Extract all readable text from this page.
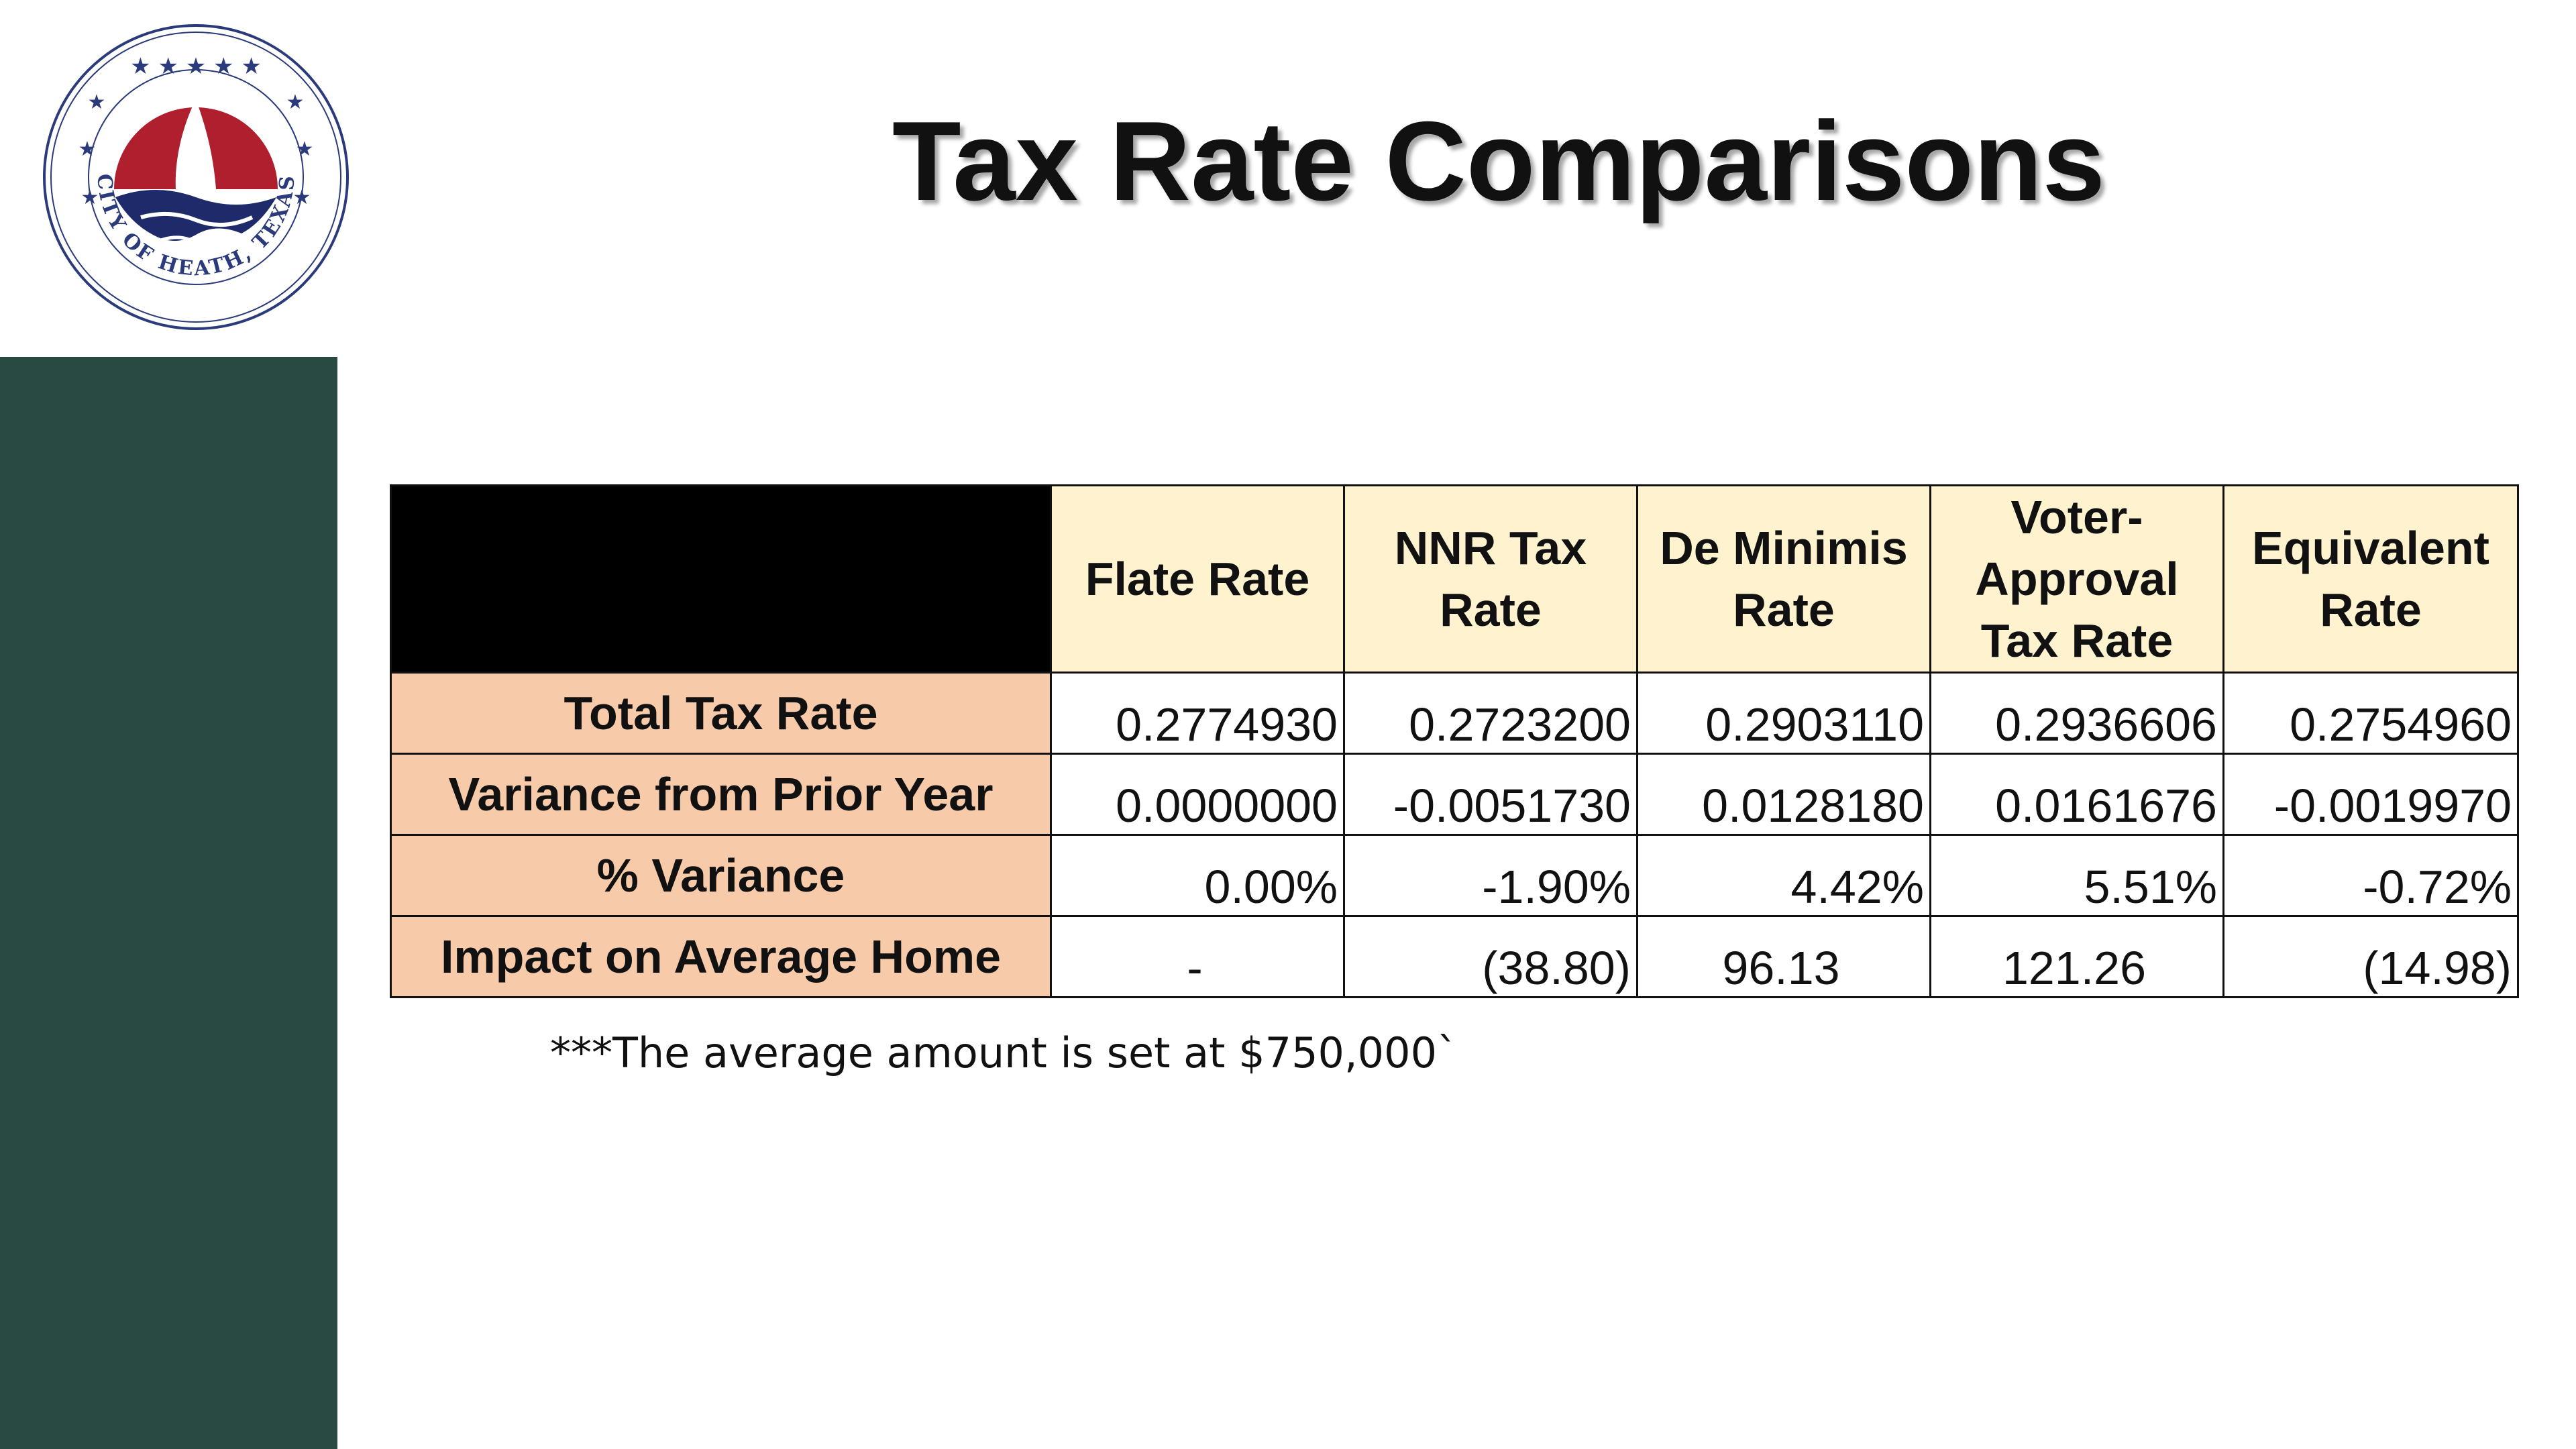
★ ★ ★ ★ ★
★	★
★	★
★	★
CITY OF HEATH, TEXAS	Tax Rate Comparisons
	Flate Rate	NNR Tax Rate	De Minimis Rate	Voter-Approval Tax Rate	Equivalent Rate
Total Tax Rate	0.2774930	0.2723200	0.2903110	0.2936606	0.2754960
Variance from Prior Year	0.0000000	-0.0051730	0.0128180	0.0161676	-0.0019970
% Variance	0.00%	-1.90%	4.42%	5.51%	-0.72%
Impact on Average Home	-	(38.80)	96.13	121.26	(14.98)
***The average amount is set at $750,000`
